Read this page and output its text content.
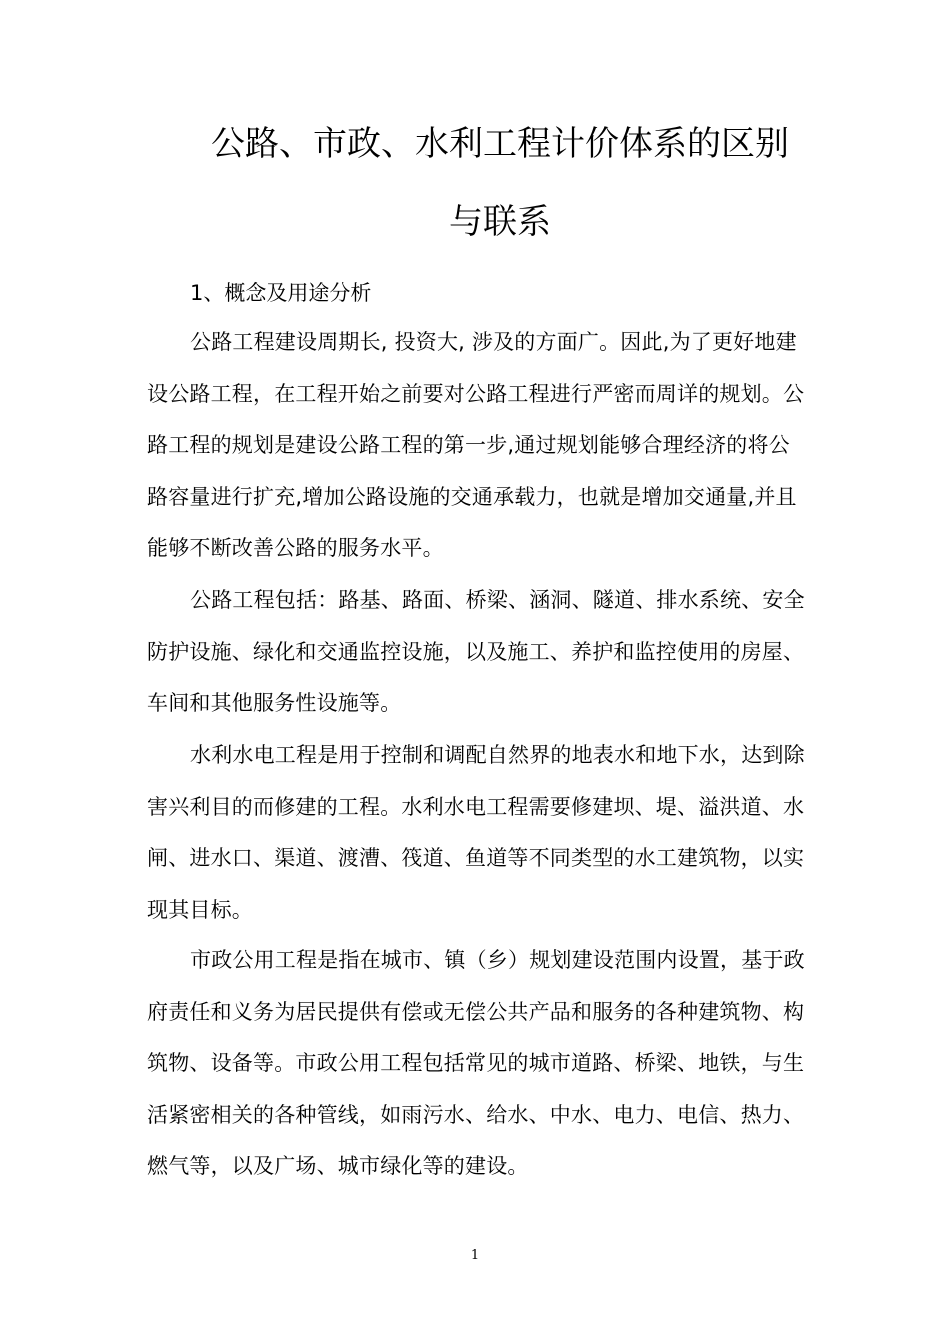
公路、市政、水利工程计价体系的区别
与联系

1、概念及用途分析

公路工程建设周期长, 投资大, 涉及的方面广。因此,为了更好地建设公路工程，在工程开始之前要对公路工程进行严密而周详的规划。公路工程的规划是建设公路工程的第一步,通过规划能够合理经济的将公路容量进行扩充,增加公路设施的交通承载力，也就是增加交通量,并且能够不断改善公路的服务水平。

公路工程包括：路基、路面、桥梁、涵洞、隧道、排水系统、安全防护设施、绿化和交通监控设施，以及施工、养护和监控使用的房屋、车间和其他服务性设施等。

水利水电工程是用于控制和调配自然界的地表水和地下水，达到除害兴利目的而修建的工程。水利水电工程需要修建坝、堤、溢洪道、水闸、进水口、渠道、渡漕、筏道、鱼道等不同类型的水工建筑物，以实现其目标。

市政公用工程是指在城市、镇（乡）规划建设范围内设置，基于政府责任和义务为居民提供有偿或无偿公共产品和服务的各种建筑物、构筑物、设备等。市政公用工程包括常见的城市道路、桥梁、地铁，与生活紧密相关的各种管线，如雨污水、给水、中水、电力、电信、热力、燃气等，以及广场、城市绿化等的建设。

1
